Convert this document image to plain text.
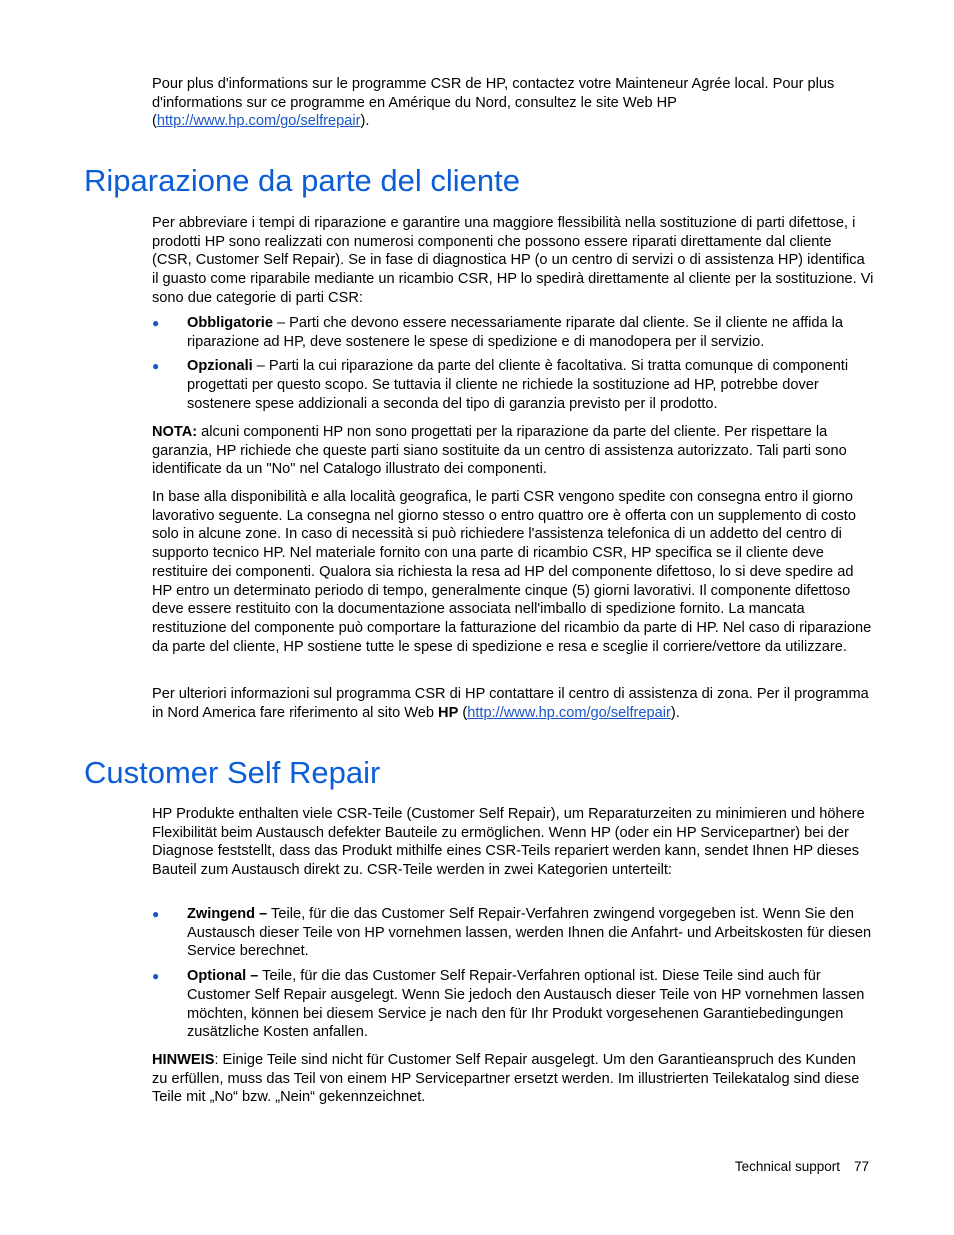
Pour plus d'informations sur le programme CSR de HP, contactez votre Mainteneur Agrée local. Pour plus d'informations sur ce programme en Amérique du Nord, consultez le site Web HP (http://www.hp.com/go/selfrepair).

Riparazione da parte del cliente

Per abbreviare i tempi di riparazione e garantire una maggiore flessibilità nella sostituzione di parti difettose, i prodotti HP sono realizzati con numerosi componenti che possono essere riparati direttamente dal cliente (CSR, Customer Self Repair). Se in fase di diagnostica HP (o un centro di servizi o di assistenza HP) identifica il guasto come riparabile mediante un ricambio CSR, HP lo spedirà direttamente al cliente per la sostituzione. Vi sono due categorie di parti CSR:

● Obbligatorie – Parti che devono essere necessariamente riparate dal cliente. Se il cliente ne affida la riparazione ad HP, deve sostenere le spese di spedizione e di manodopera per il servizio.
● Opzionali – Parti la cui riparazione da parte del cliente è facoltativa. Si tratta comunque di componenti progettati per questo scopo. Se tuttavia il cliente ne richiede la sostituzione ad HP, potrebbe dover sostenere spese addizionali a seconda del tipo di garanzia previsto per il prodotto.

NOTA: alcuni componenti HP non sono progettati per la riparazione da parte del cliente. Per rispettare la garanzia, HP richiede che queste parti siano sostituite da un centro di assistenza autorizzato. Tali parti sono identificate da un "No" nel Catalogo illustrato dei componenti.

In base alla disponibilità e alla località geografica, le parti CSR vengono spedite con consegna entro il giorno lavorativo seguente. La consegna nel giorno stesso o entro quattro ore è offerta con un supplemento di costo solo in alcune zone. In caso di necessità si può richiedere l'assistenza telefonica di un addetto del centro di supporto tecnico HP. Nel materiale fornito con una parte di ricambio CSR, HP specifica se il cliente deve restituire dei componenti. Qualora sia richiesta la resa ad HP del componente difettoso, lo si deve spedire ad HP entro un determinato periodo di tempo, generalmente cinque (5) giorni lavorativi. Il componente difettoso deve essere restituito con la documentazione associata nell'imballo di spedizione fornito. La mancata restituzione del componente può comportare la fatturazione del ricambio da parte di HP. Nel caso di riparazione da parte del cliente, HP sostiene tutte le spese di spedizione e resa e sceglie il corriere/vettore da utilizzare.

Per ulteriori informazioni sul programma CSR di HP contattare il centro di assistenza di zona. Per il programma in Nord America fare riferimento al sito Web HP (http://www.hp.com/go/selfrepair).

Customer Self Repair

HP Produkte enthalten viele CSR-Teile (Customer Self Repair), um Reparaturzeiten zu minimieren und höhere Flexibilität beim Austausch defekter Bauteile zu ermöglichen. Wenn HP (oder ein HP Servicepartner) bei der Diagnose feststellt, dass das Produkt mithilfe eines CSR-Teils repariert werden kann, sendet Ihnen HP dieses Bauteil zum Austausch direkt zu. CSR-Teile werden in zwei Kategorien unterteilt:

● Zwingend – Teile, für die das Customer Self Repair-Verfahren zwingend vorgegeben ist. Wenn Sie den Austausch dieser Teile von HP vornehmen lassen, werden Ihnen die Anfahrt- und Arbeitskosten für diesen Service berechnet.
● Optional – Teile, für die das Customer Self Repair-Verfahren optional ist. Diese Teile sind auch für Customer Self Repair ausgelegt. Wenn Sie jedoch den Austausch dieser Teile von HP vornehmen lassen möchten, können bei diesem Service je nach den für Ihr Produkt vorgesehenen Garantiebedingungen zusätzliche Kosten anfallen.

HINWEIS: Einige Teile sind nicht für Customer Self Repair ausgelegt. Um den Garantieanspruch des Kunden zu erfüllen, muss das Teil von einem HP Servicepartner ersetzt werden. Im illustrierten Teilekatalog sind diese Teile mit „No“ bzw. „Nein“ gekennzeichnet.

Technical support 77
